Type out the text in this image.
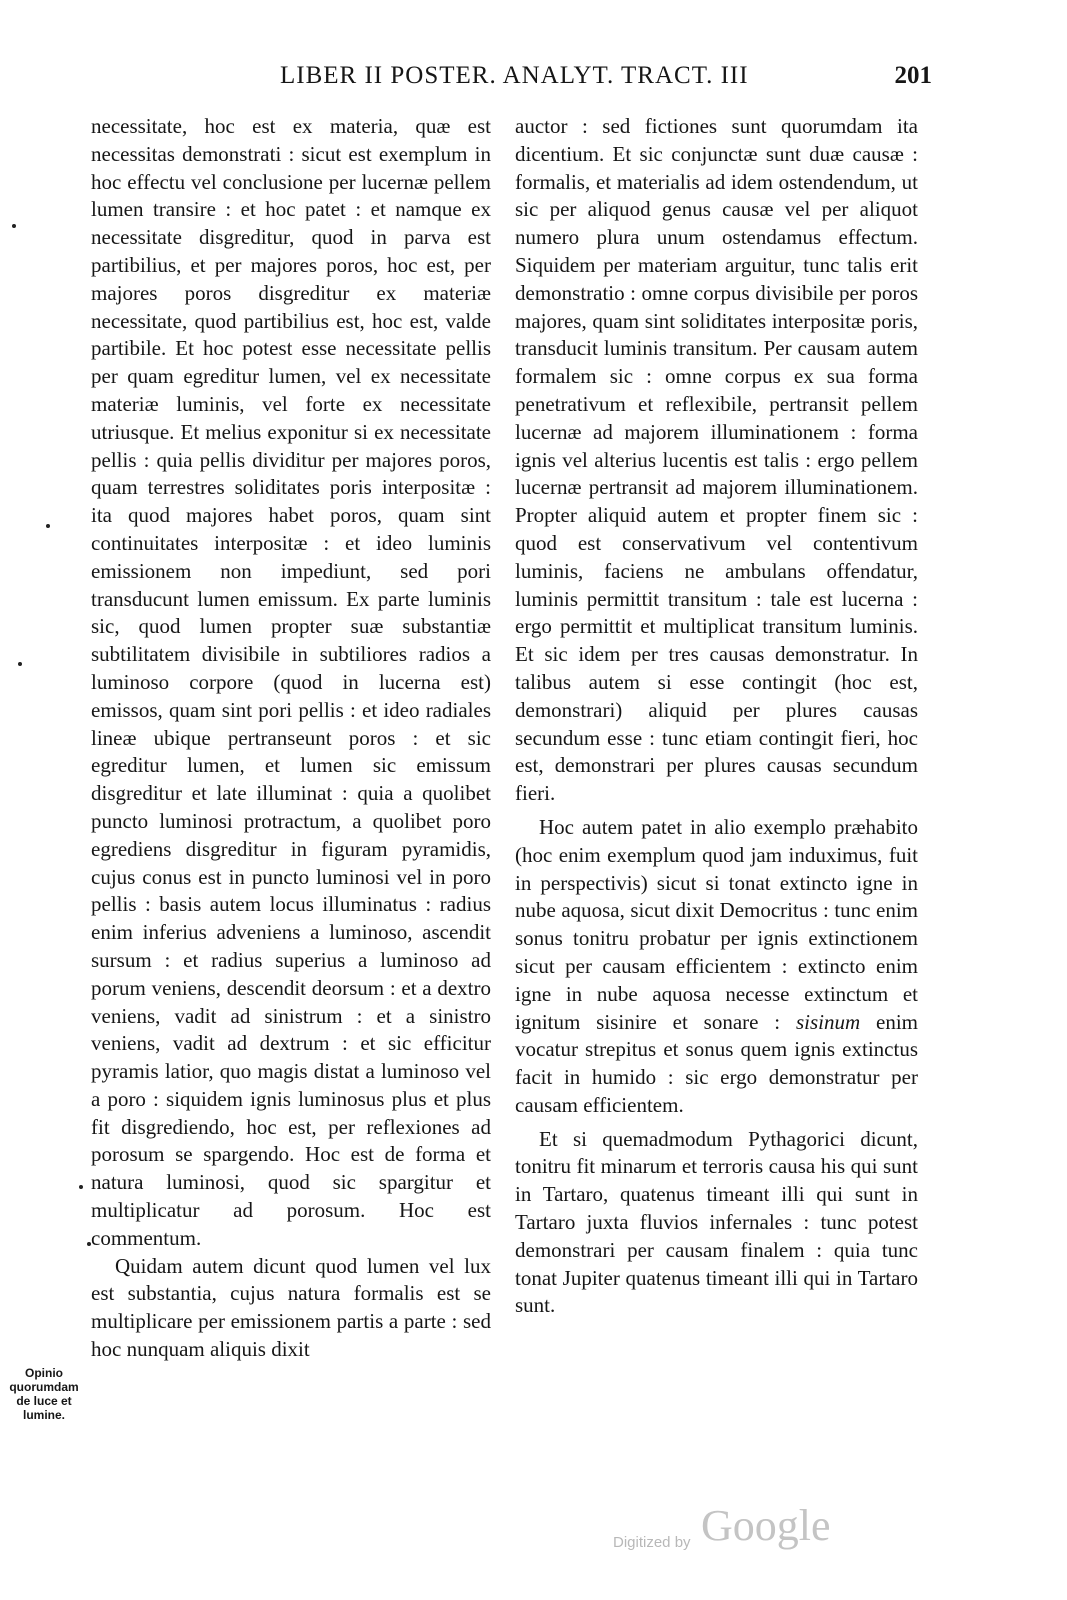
LIBER II POSTER. ANALYT. TRACT. III	201

necessitate, hoc est ex materia, quæ est necessitas demonstrati : sicut est exemplum in hoc effectu vel conclusione per lucernæ pellem lumen transire : et hoc patet : et namque ex necessitate disgreditur, quod in parva est partibilius, et per majores poros, hoc est, per majores poros disgreditur ex materiæ necessitate, quod partibilius est, hoc est, valde partibile. Et hoc potest esse necessitate pellis per quam egreditur lumen, vel ex necessitate materiæ luminis, vel forte ex necessitate utriusque. Et melius exponitur si ex necessitate pellis : quia pellis dividitur per majores poros, quam terrestres soliditates poris interpositæ : ita quod majores habet poros, quam sint continuitates interpositæ : et ideo luminis emissionem non impediunt, sed pori transducunt lumen emissum. Ex parte luminis sic, quod lumen propter suæ substantiæ subtilitatem divisibile in subtiliores radios a luminoso corpore (quod in lucerna est) emissos, quam sint pori pellis : et ideo radiales lineæ ubique pertranseunt poros : et sic egreditur lumen, et lumen sic emissum disgreditur et late illuminat : quia a quolibet puncto luminosi protractum, a quolibet poro egrediens disgreditur in figuram pyramidis, cujus conus est in puncto luminosi vel in poro pellis : basis autem locus illuminatus : radius enim inferius adveniens a luminoso, ascendit sursum : et radius superius a luminoso ad porum veniens, descendit deorsum : et a dextro veniens, vadit ad sinistrum : et a sinistro veniens, vadit ad dextrum : et sic efficitur pyramis latior, quo magis distat a luminoso vel a poro : siquidem ignis luminosus plus et plus fit disgrediendo, hoc est, per reflexiones ad porosum se spargendo. Hoc est de forma et natura luminosi, quod sic spargitur et multiplicatur ad porosum. Hoc est commentum.

Quidam autem dicunt quod lumen vel lux est substantia, cujus natura formalis est se multiplicare per emissionem partis a parte : sed hoc nunquam aliquis dixit

Opinio quorumdam de luce et lumine.

auctor : sed fictiones sunt quorumdam ita dicentium. Et sic conjunctæ sunt duæ causæ : formalis, et materialis ad idem ostendendum, ut sic per aliquod genus causæ vel per aliquot numero plura unum ostendamus effectum. Siquidem per materiam arguitur, tunc talis erit demonstratio : omne corpus divisibile per poros majores, quam sint soliditates interpositæ poris, transducit luminis transitum. Per causam autem formalem sic : omne corpus ex sua forma penetrativum et reflexibile, pertransit pellem lucernæ ad majorem illuminationem : forma ignis vel alterius lucentis est talis : ergo pellem lucernæ pertransit ad majorem illuminationem. Propter aliquid autem et propter finem sic : quod est conservativum vel contentivum luminis, faciens ne ambulans offendatur, luminis permittit transitum : tale est lucerna : ergo permittit et multiplicat transitum luminis. Et sic idem per tres causas demonstratur. In talibus autem si esse contingit (hoc est, demonstrari) aliquid per plures causas secundum esse : tunc etiam contingit fieri, hoc est, demonstrari per plures causas secundum fieri.

Hoc autem patet in alio exemplo præhabito (hoc enim exemplum quod jam induximus, fuit in perspectivis) sicut si tonat extincto igne in nube aquosa, sicut dixit Democritus : tunc enim sonus tonitru probatur per ignis extinctionem sicut per causam efficientem : extincto enim igne in nube aquosa necesse extinctum et ignitum sisinire et sonare : sisinum enim vocatur strepitus et sonus quem ignis extinctus facit in humido : sic ergo demonstratur per causam efficientem.

Et si quemadmodum Pythagorici dicunt, tonitru fit minarum et terroris causa his qui sunt in Tartaro, quatenus timeant illi qui sunt in Tartaro juxta fluvios infernales : tunc potest demonstrari per causam finalem : quia tunc tonat Jupiter quatenus timeant illi qui in Tartaro sunt.

Digitized by Google
